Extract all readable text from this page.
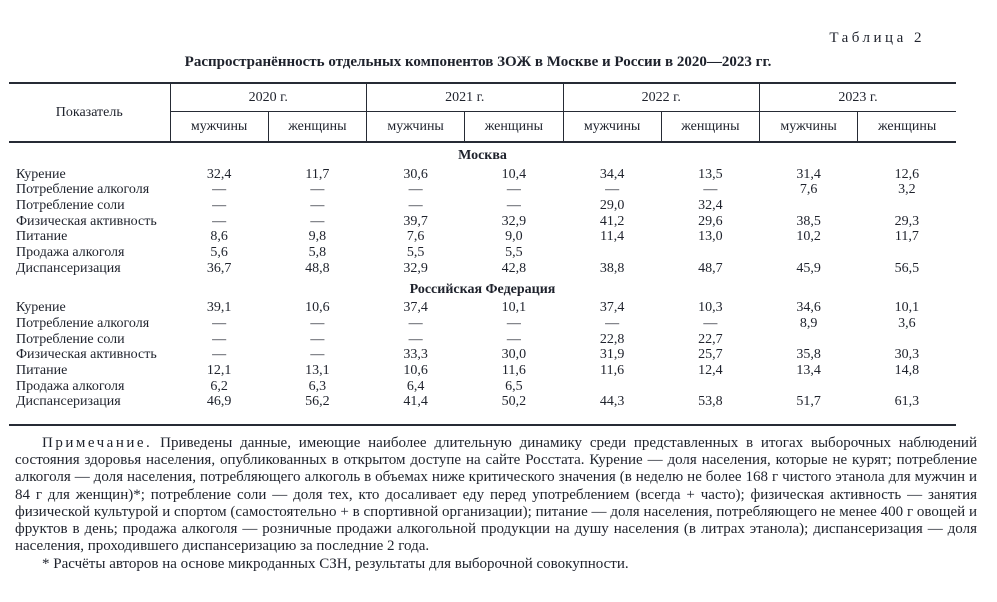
Таблица 2
Распространённость отдельных компонентов ЗОЖ в Москве и России в 2020—2023 гг.
Показатель	2020 г.		2021 г.		2022 г.		2023 г.	
	мужчины	женщины	мужчины	женщины	мужчины	женщины	мужчины	женщины
Москва								
Курение	32,4	11,7	30,6	10,4	34,4	13,5	31,4	12,6
Потребление алкоголя	—	—	—	—	—	—	7,6	3,2
Потребление соли	—	—	—	—	29,0	32,4		
Физическая активность	—	—	39,7	32,9	41,2	29,6	38,5	29,3
Питание	8,6	9,8	7,6	9,0	11,4	13,0	10,2	11,7
Продажа алкоголя	5,6	5,8	5,5	5,5				
Диспансеризация	36,7	48,8	32,9	42,8	38,8	48,7	45,9	56,5
Российская Федерация								
Курение	39,1	10,6	37,4	10,1	37,4	10,3	34,6	10,1
Потребление алкоголя	—	—	—	—	—	—	8,9	3,6
Потребление соли	—	—	—	—	22,8	22,7		
Физическая активность	—	—	33,3	30,0	31,9	25,7	35,8	30,3
Питание	12,1	13,1	10,6	11,6	11,6	12,4	13,4	14,8
Продажа алкоголя	6,2	6,3	6,4	6,5				
Диспансеризация	46,9	56,2	41,4	50,2	44,3	53,8	51,7	61,3

Примечание. Приведены данные, имеющие наиболее длительную динамику среди представленных в итогах выборочных наблюдений состояния здоровья населения, опубликованных в открытом доступе на сайте Росстата. Курение — доля населения, которые не курят; потребление алкоголя — доля населения, потребляющего алкоголь в объемах ниже критического значения (в неделю не более 168 г чистого этанола для мужчин и 84 г для женщин)*; потребление соли — доля тех, кто досаливает еду перед употреблением (всегда + часто); физическая активность — занятия физической культурой и спортом (самостоятельно + в спортивной организации); питание — доля населения, потребляющего не менее 400 г овощей и фруктов в день; продажа алкоголя — розничные продажи алкогольной продукции на душу населения (в литрах этанола); диспансеризация — доля населения, проходившего диспансеризацию за последние 2 года.

* Расчёты авторов на основе микроданных СЗН, результаты для выборочной совокупности.
